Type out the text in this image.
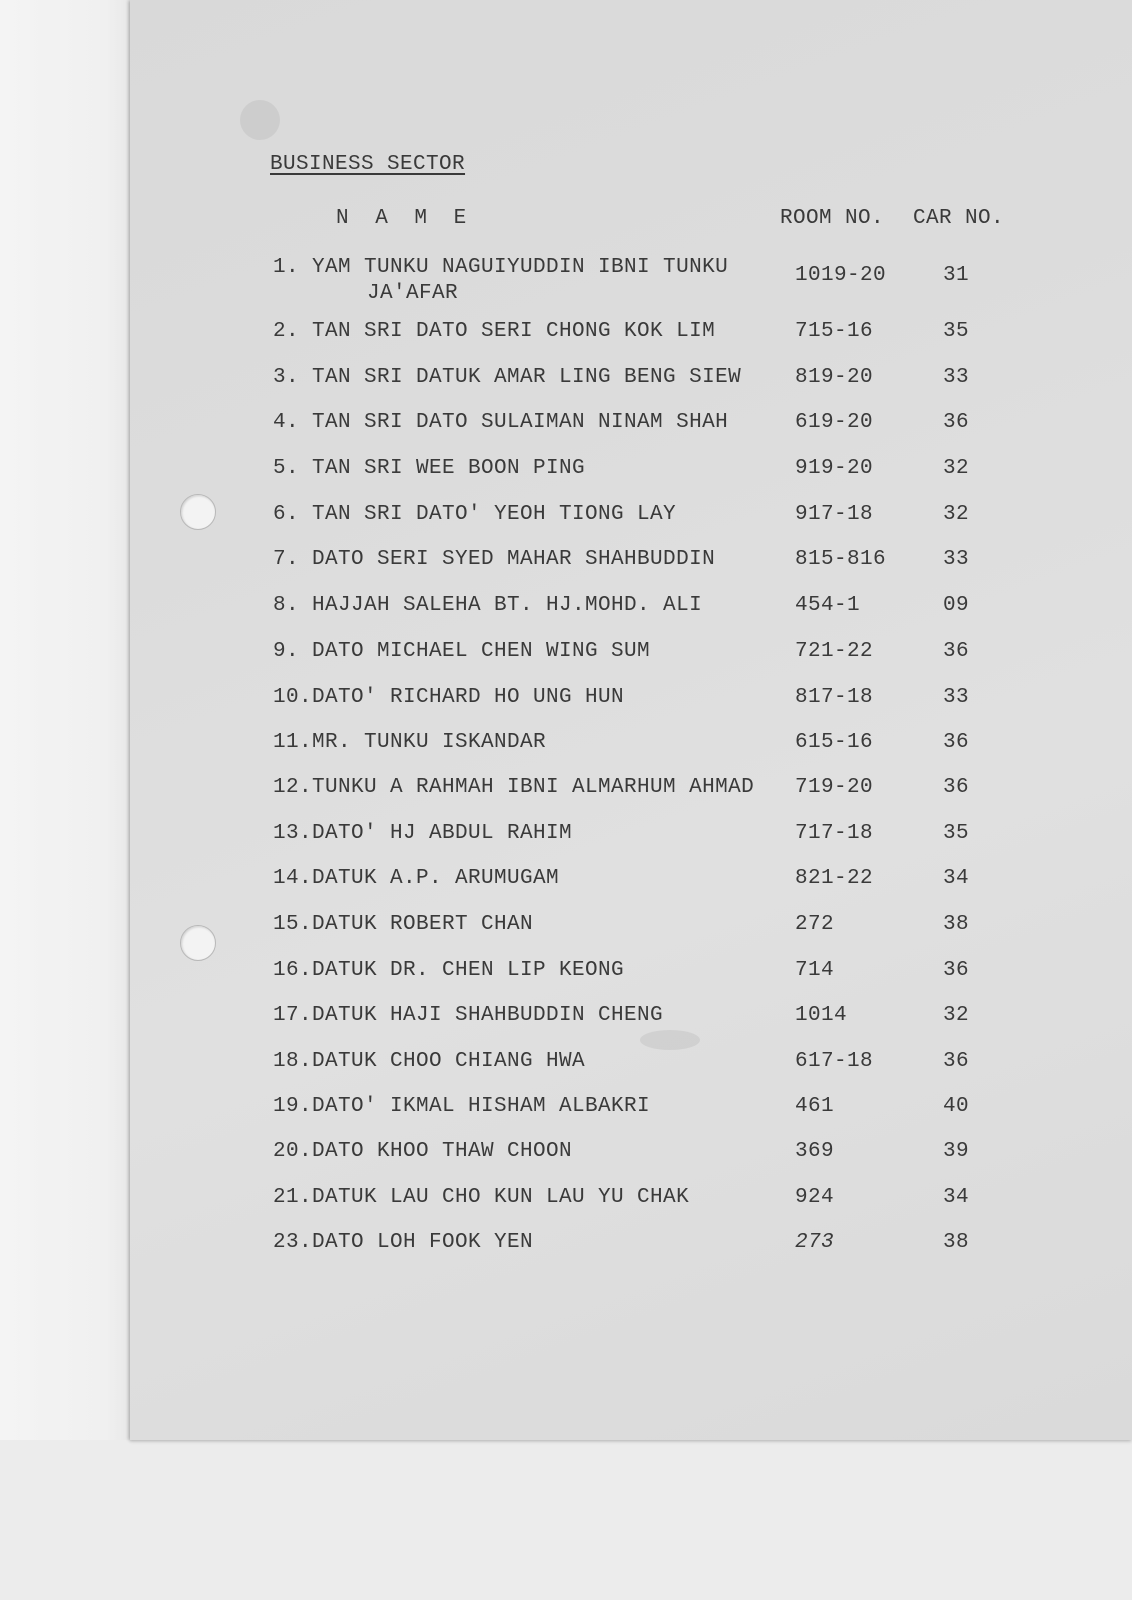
BUSINESS SECTOR
N A M E	ROOM NO. CAR NO.
1. YAM TUNKU NAGUIYUDDIN IBNI TUNKU
JA'AFAR
1019-20	31
2. TAN SRI DATO SERI CHONG KOK LIM	715-16	35
3. TAN SRI DATUK AMAR LING BENG SIEW	819-20	33
4. TAN SRI DATO SULAIMAN NINAM SHAH	619-20	36
5. TAN SRI WEE BOON PING	919-20	32
6. TAN SRI DATO' YEOH TIONG LAY	917-18	32
7. DATO SERI SYED MAHAR SHAHBUDDIN	815-816	33
8. HAJJAH SALEHA BT. HJ.MOHD. ALI	454-1	09
9. DATO MICHAEL CHEN WING SUM	721-22	36
10.DATO' RICHARD HO UNG HUN	817-18	33
11.MR. TUNKU ISKANDAR	615-16	36
12.TUNKU A RAHMAH IBNI ALMARHUM AHMAD 719-20	36
13.DATO' HJ ABDUL RAHIM	717-18	35
14.DATUK A.P. ARUMUGAM	821-22	34
15.DATUK ROBERT CHAN	272	38
16.DATUK DR. CHEN LIP KEONG	714	36
17.DATUK HAJI SHAHBUDDIN CHENG	1014	32
18.DATUK CHOO CHIANG HWA	617-18	36
19.DATO' IKMAL HISHAM ALBAKRI	461	40
20.DATO KHOO THAW CHOON	369	39
21.DATUK LAU CHO KUN LAU YU CHAK	924	34
23.DATO LOH FOOK YEN	273	38
